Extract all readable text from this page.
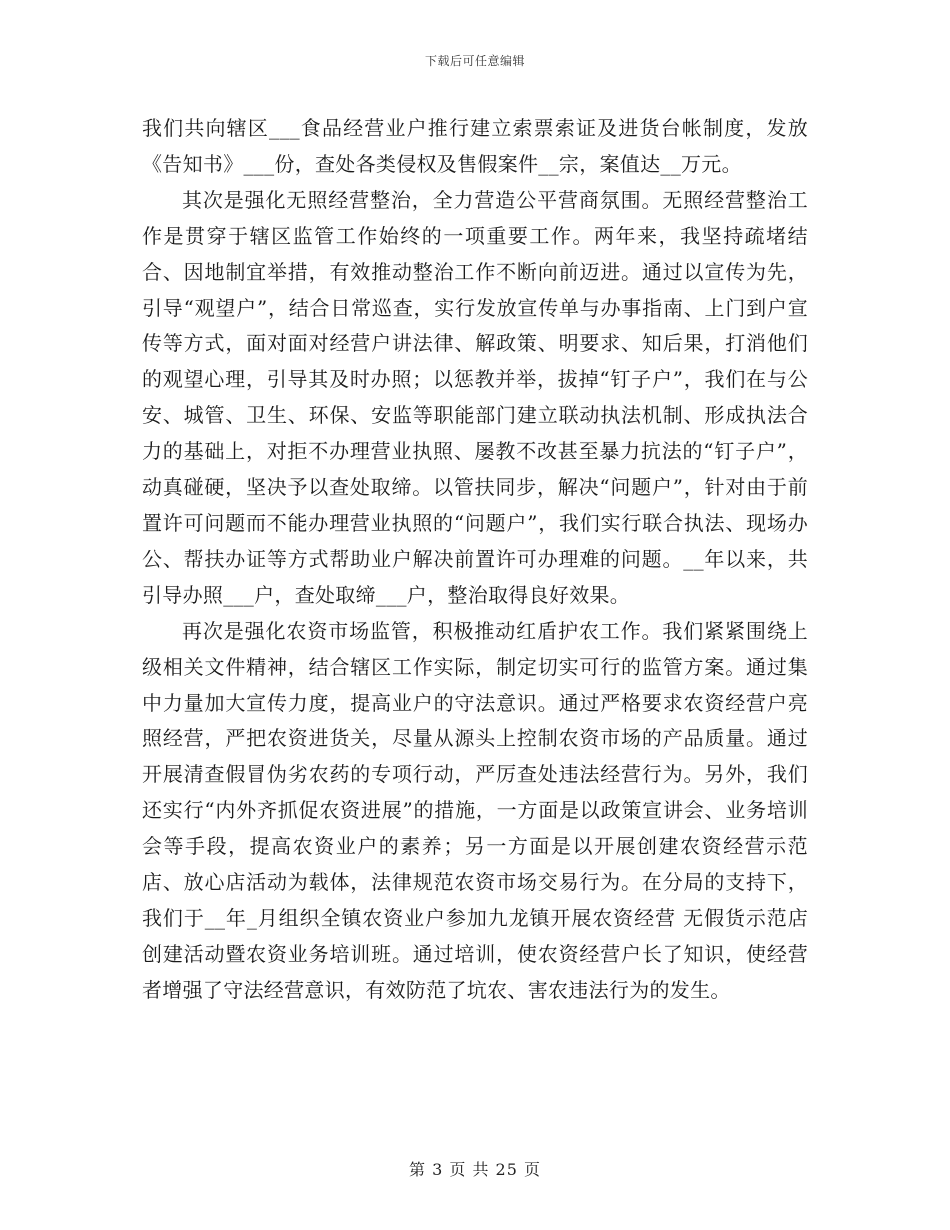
下载后可任意编辑

我们共向辖区___食品经营业户推行建立索票索证及进货台帐制度，发放《告知书》___份，查处各类侵权及售假案件__宗，案值达__万元。

其次是强化无照经营整治，全力营造公平营商氛围。无照经营整治工作是贯穿于辖区监管工作始终的一项重要工作。两年来，我坚持疏堵结合、因地制宜举措，有效推动整治工作不断向前迈进。通过以宣传为先，引导“观望户”，结合日常巡查，实行发放宣传单与办事指南、上门到户宣传等方式，面对面对经营户讲法律、解政策、明要求、知后果，打消他们的观望心理，引导其及时办照；以惩教并举，拔掉“钉子户”，我们在与公安、城管、卫生、环保、安监等职能部门建立联动执法机制、形成执法合力的基础上，对拒不办理营业执照、屡教不改甚至暴力抗法的“钉子户”，动真碰硬，坚决予以查处取缔。以管扶同步，解决“问题户”，针对由于前置许可问题而不能办理营业执照的“问题户”，我们实行联合执法、现场办公、帮扶办证等方式帮助业户解决前置许可办理难的问题。__年以来，共引导办照___户，查处取缔___户，整治取得良好效果。

再次是强化农资市场监管，积极推动红盾护农工作。我们紧紧围绕上级相关文件精神，结合辖区工作实际，制定切实可行的监管方案。通过集中力量加大宣传力度，提高业户的守法意识。通过严格要求农资经营户亮照经营，严把农资进货关，尽量从源头上控制农资市场的产品质量。通过开展清查假冒伪劣农药的专项行动，严厉查处违法经营行为。另外，我们还实行“内外齐抓促农资进展”的措施，一方面是以政策宣讲会、业务培训会等手段，提高农资业户的素养；另一方面是以开展创建农资经营示范店、放心店活动为载体，法律规范农资市场交易行为。在分局的支持下，我们于__年_月组织全镇农资业户参加九龙镇开展农资经营 无假货示范店创建活动暨农资业务培训班。通过培训，使农资经营户长了知识，使经营者增强了守法经营意识，有效防范了坑农、害农违法行为的发生。

第 3 页 共 25 页
